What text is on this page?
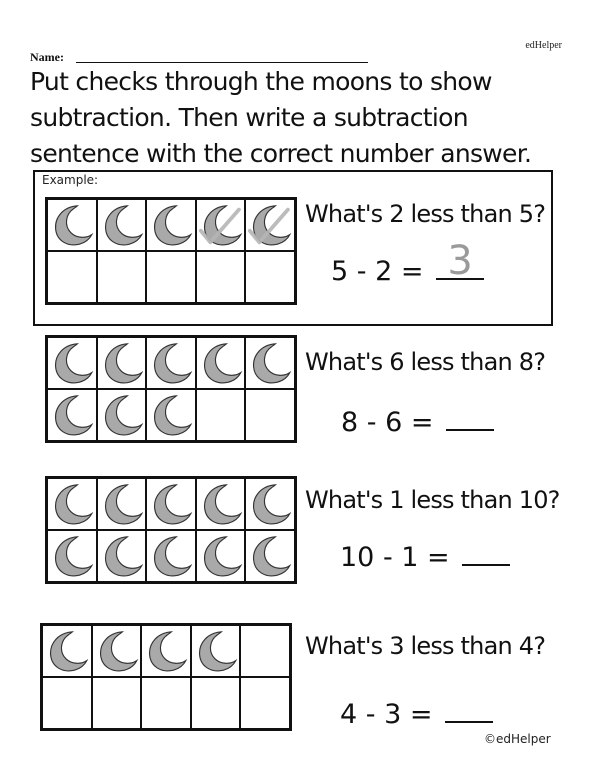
edHelper
Name:
Put checks through the moons to show subtraction. Then write a subtraction sentence with the correct number answer.
Example:
What's 2 less than 5?
5 - 2 = 3
What's 6 less than 8?
8 - 6 =
What's 1 less than 10?
10 - 1 =
What's 3 less than 4?
4 - 3 =
©edHelper
